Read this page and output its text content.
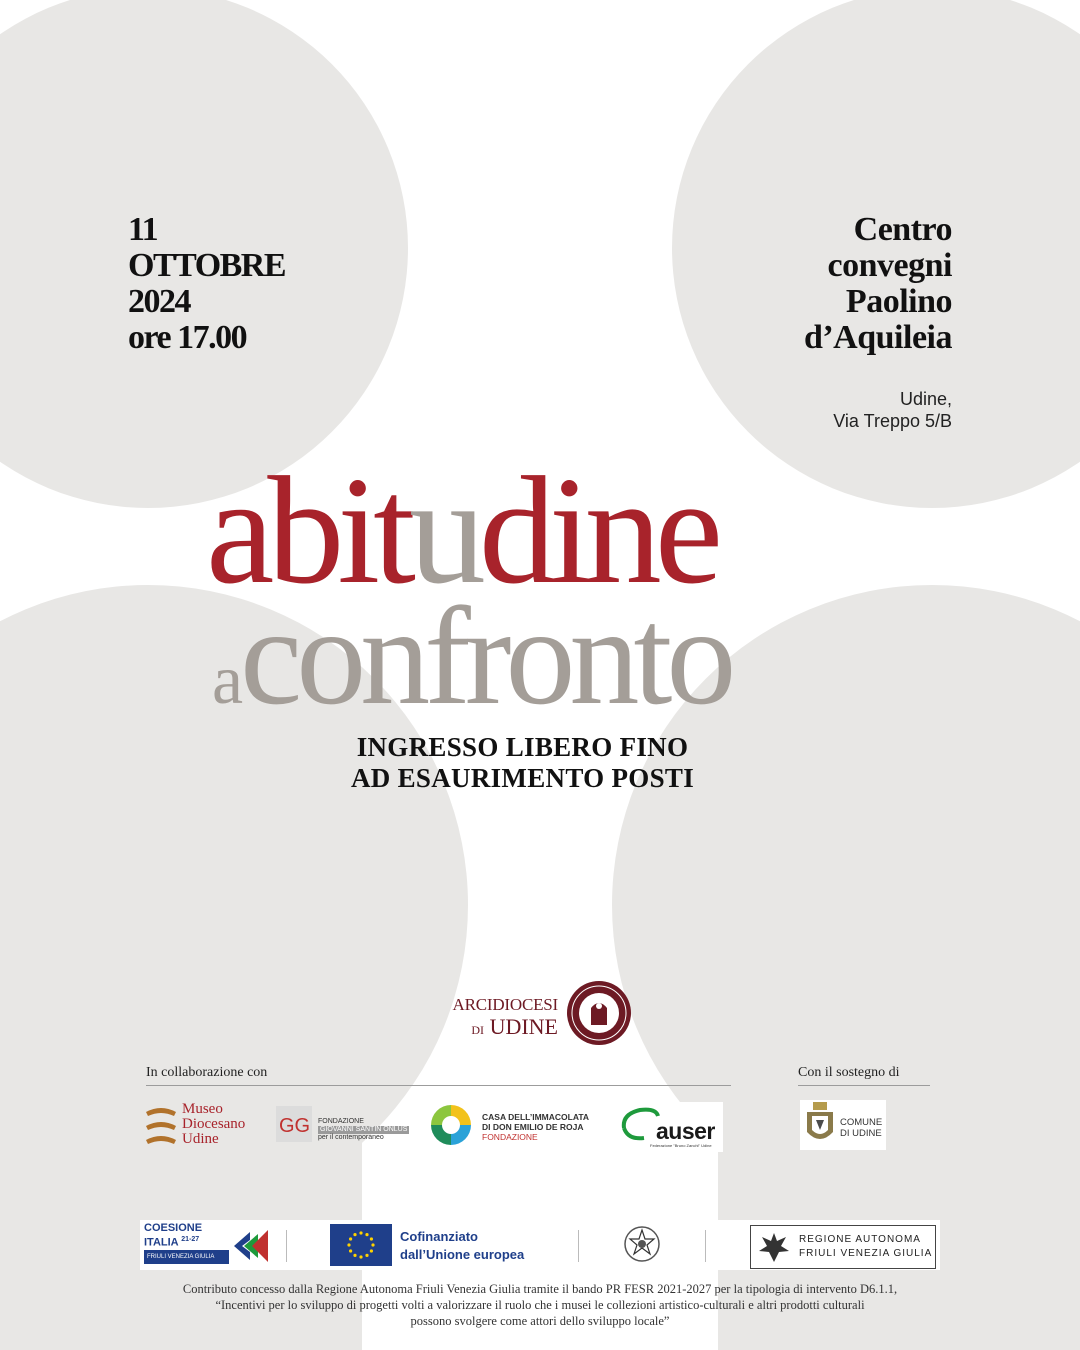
11
OTTOBRE
2024
ore 17.00
Centro
convegni
Paolino
d’Aquileia
Udine,
Via Treppo 5/B
abitudine
aconfronto
INGRESSO LIBERO FINO
AD ESAURIMENTO POSTI
ARCIDIOCESI
DI UDINE
In collaborazione con	Con il sostegno di
Museo
Diocesano
Udine
GG FONDAZIONE
GIOVANNI SANTIN ONLUS
per il contemporaneo
CASA DELL’IMMACOLATA
DI DON EMILIO DE ROJA
FONDAZIONE	auser
Federazione "Bruno Zanchi" Udine
COMUNE
DI UDINE
COESIONE
ITALIA $^{21-27}$
FRIULI VENEZIA GIULIA
Cofinanziato
dall’Unione europea
REGIONE AUTONOMA
FRIULI VENEZIA GIULIA
Contributo concesso dalla Regione Autonoma Friuli Venezia Giulia tramite il bando PR FESR 2021-2027 per la tipologia di intervento D6.1.1,
“Incentivi per lo sviluppo di progetti volti a valorizzare il ruolo che i musei le collezioni artistico-culturali e altri prodotti culturali
possono svolgere come attori dello sviluppo locale”
